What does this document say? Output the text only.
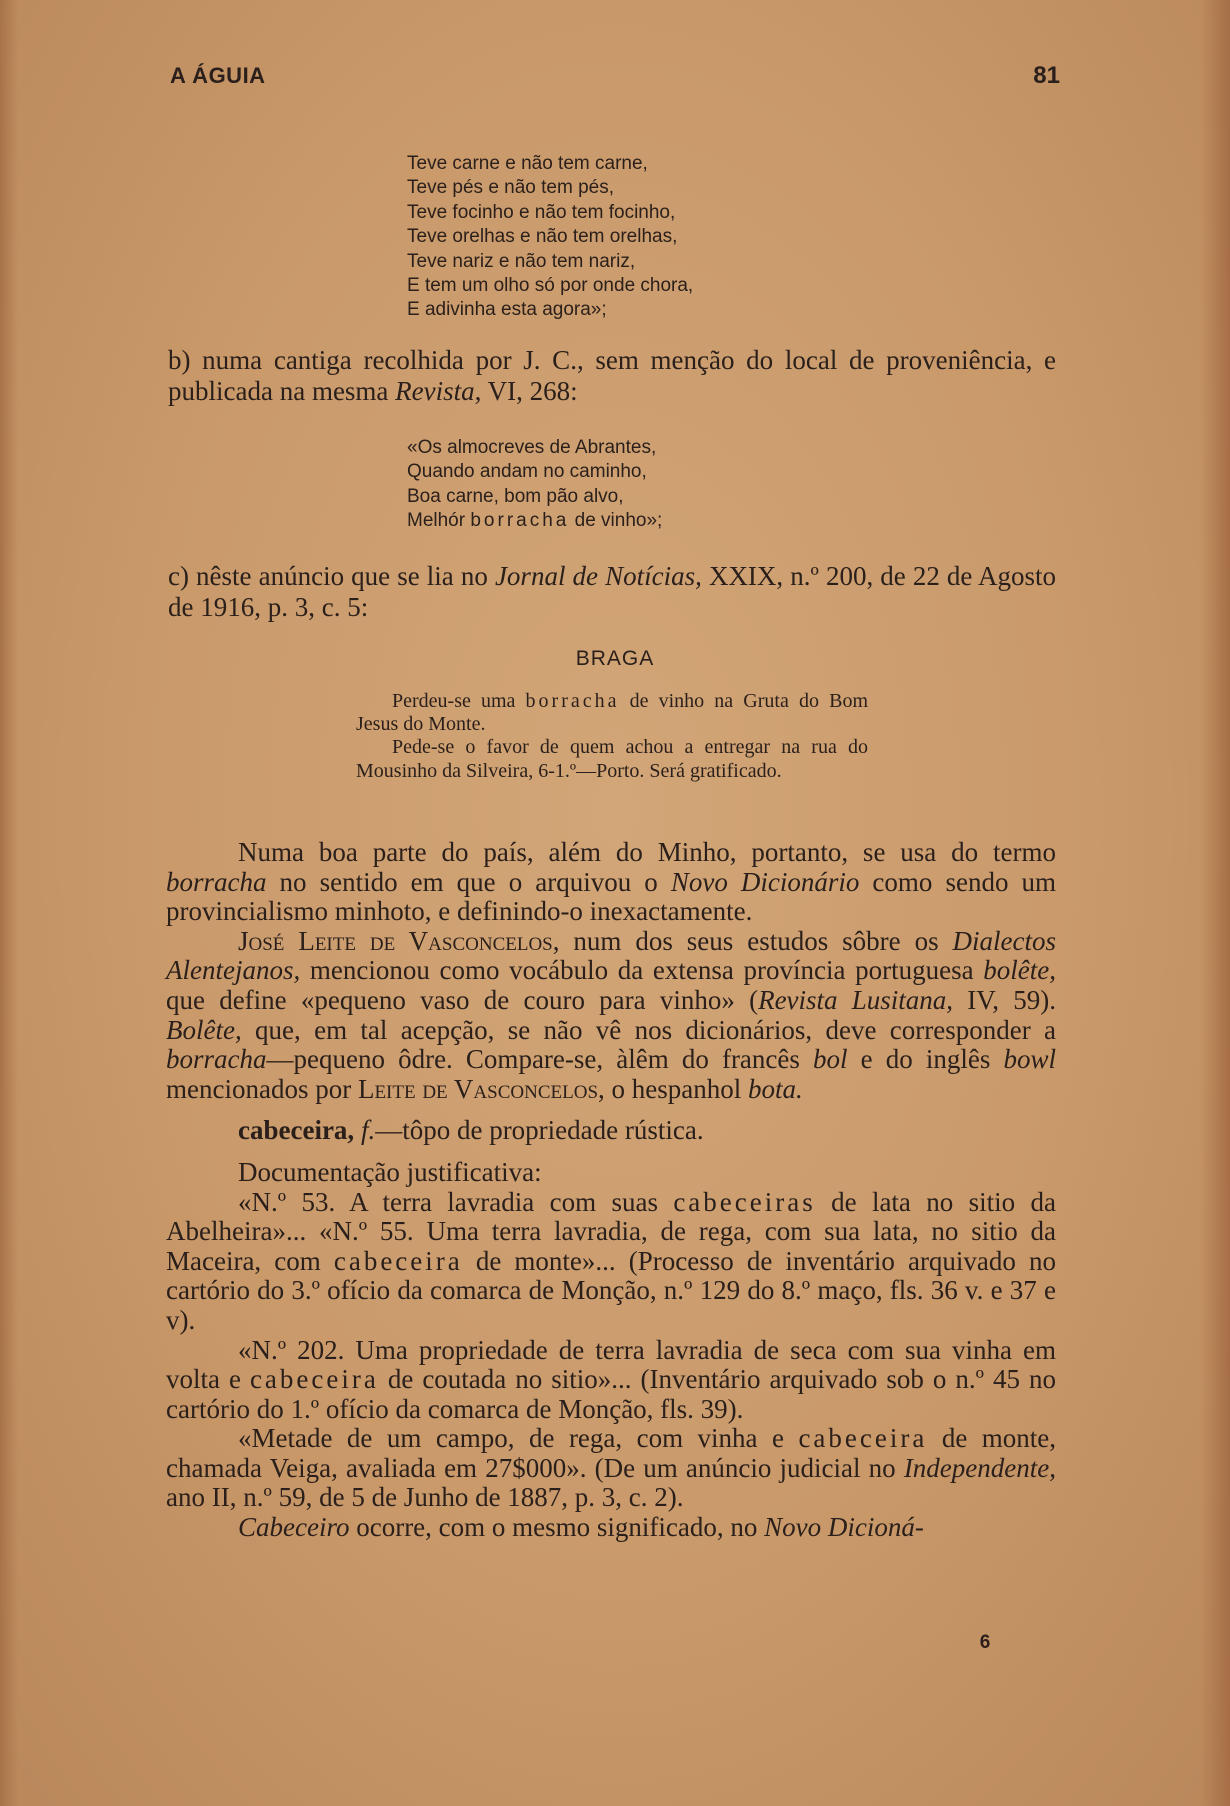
A ÁGUIA	81
Teve carne e não tem carne,
Teve pés e não tem pés,
Teve focinho e não tem focinho,
Teve orelhas e não tem orelhas,
Teve nariz e não tem nariz,
E tem um olho só por onde chora,
E adivinha esta agora»;
b) numa cantiga recolhida por J. C., sem menção do local de proveniência, e publicada na mesma Revista, VI, 268:
«Os almocreves de Abrantes,
Quando andam no caminho,
Boa carne, bom pão alvo,
Melhór borracha de vinho»;
c) nêste anúncio que se lia no Jornal de Notícias, XXIX, n.º 200, de 22 de Agosto de 1916, p. 3, c. 5:
BRAGA

Perdeu-se uma borracha de vinho na Gruta do Bom Jesus do Monte.

Pede-se o favor de quem achou a entregar na rua do Mousinho da Silveira, 6-1.º—Porto. Será gratificado.

Numa boa parte do país, além do Minho, portanto, se usa do termo borracha no sentido em que o arquivou o Novo Dicionário como sendo um provincialismo minhoto, e definindo-o inexactamente.

José Leite de Vasconcelos, num dos seus estudos sôbre os Dialectos Alentejanos, mencionou como vocábulo da extensa província portuguesa bolête, que define «pequeno vaso de couro para vinho» (Revista Lusitana, IV, 59). Bolête, que, em tal acepção, se não vê nos dicionários, deve corresponder a borracha—pequeno ôdre. Compare-se, àlêm do francês bol e do inglês bowl mencionados por Leite de Vasconcelos, o hespanhol bota.

cabeceira, f.—tôpo de propriedade rústica.

Documentação justificativa:

«N.º 53. A terra lavradia com suas cabeceiras de lata no sitio da Abelheira»... «N.º 55. Uma terra lavradia, de rega, com sua lata, no sitio da Maceira, com cabeceira de monte»... (Processo de inventário arquivado no cartório do 3.º ofício da comarca de Monção, n.º 129 do 8.º maço, fls. 36 v. e 37 e v).

«N.º 202. Uma propriedade de terra lavradia de seca com sua vinha em volta e cabeceira de coutada no sitio»... (Inventário arquivado sob o n.º 45 no cartório do 1.º ofício da comarca de Monção, fls. 39).

«Metade de um campo, de rega, com vinha e cabeceira de monte, chamada Veiga, avaliada em 27$000». (De um anúncio judicial no Independente, ano II, n.º 59, de 5 de Junho de 1887, p. 3, c. 2).

Cabeceiro ocorre, com o mesmo significado, no Novo Dicioná-

6
